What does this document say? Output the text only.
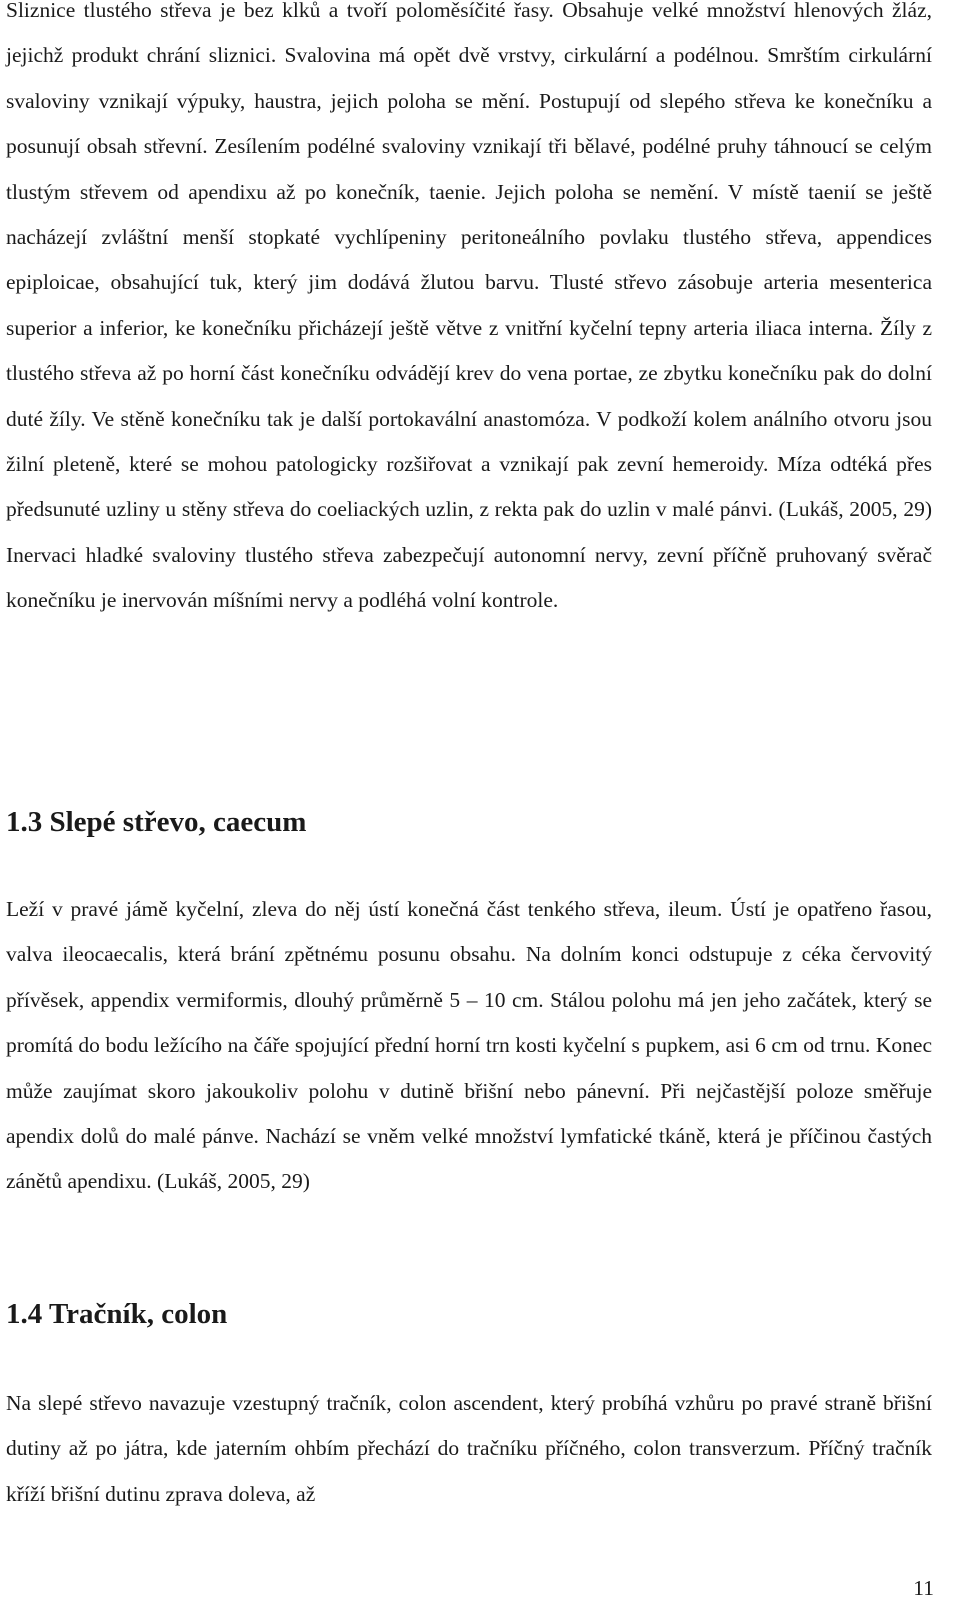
Sliznice tlustého střeva je bez klků a tvoří poloměsíčité řasy. Obsahuje velké množství hlenových žláz, jejichž produkt chrání sliznici. Svalovina má opět dvě vrstvy, cirkulární a podélnou. Smrštím cirkulární svaloviny vznikají výpuky, haustra, jejich poloha se mění. Postupují od slepého střeva ke konečníku a posunují obsah střevní. Zesílením podélné svaloviny vznikají tři bělavé, podélné pruhy táhnoucí se celým tlustým střevem od apendixu až po konečník, taenie. Jejich poloha se nemění. V místě taenií se ještě nacházejí zvláštní menší stopkaté vychlípeniny peritoneálního povlaku tlustého střeva, appendices epiploicae, obsahující tuk, který jim dodává žlutou barvu. Tlusté střevo zásobuje arteria mesenterica superior a inferior, ke konečníku přicházejí ještě větve z vnitřní kyčelní tepny arteria iliaca interna. Žíly z tlustého střeva až po horní část konečníku odvádějí krev do vena portae, ze zbytku konečníku pak do dolní duté žíly. Ve stěně konečníku tak je další portokavální anastomóza. V podkoží kolem análního otvoru jsou žilní pleteně, které se mohou patologicky rozšiřovat a vznikají pak zevní hemeroidy. Míza odtéká přes předsunuté uzliny u stěny střeva do coeliackých uzlin, z rekta pak do uzlin v malé pánvi. (Lukáš, 2005, 29) Inervaci hladké svaloviny tlustého střeva zabezpečují autonomní nervy, zevní příčně pruhovaný svěrač konečníku je inervován míšními nervy a podléhá volní kontrole.

1.3 Slepé střevo, caecum

Leží v pravé jámě kyčelní, zleva do něj ústí konečná část tenkého střeva, ileum. Ústí je opatřeno řasou, valva ileocaecalis, která brání zpětnému posunu obsahu. Na dolním konci odstupuje z céka červovitý přívěsek, appendix vermiformis, dlouhý průměrně 5 – 10 cm. Stálou polohu má jen jeho začátek, který se promítá do bodu ležícího na čáře spojující přední horní trn kosti kyčelní s pupkem, asi 6 cm od trnu. Konec může zaujímat skoro jakoukoliv polohu v dutině břišní nebo pánevní. Při nejčastější poloze směřuje apendix dolů do malé pánve. Nachází se vněm velké množství lymfatické tkáně, která je příčinou častých zánětů apendixu. (Lukáš, 2005, 29)

1.4 Tračník, colon

Na slepé střevo navazuje vzestupný tračník, colon ascendent, který probíhá vzhůru po pravé straně břišní dutiny až po játra, kde jaterním ohbím přechází do tračníku příčného, colon transverzum. Příčný tračník kříží břišní dutinu zprava doleva, až

11
